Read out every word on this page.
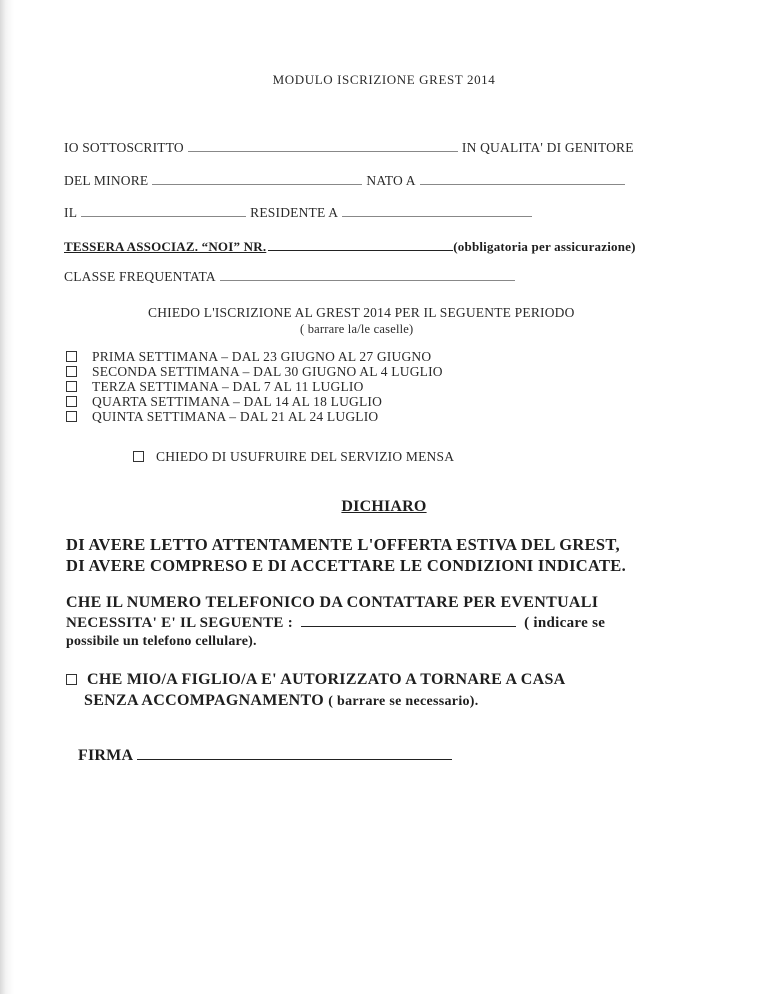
MODULO ISCRIZIONE GREST 2014
IO SOTTOSCRITTO	IN QUALITA' DI GENITORE
DEL MINORE	NATO A
IL	RESIDENTE A
TESSERA ASSOCIAZ. “NOI” NR.	(obbligatoria per assicurazione)
CLASSE FREQUENTATA
CHIEDO L'ISCRIZIONE AL GREST 2014 PER IL SEGUENTE PERIODO
( barrare la/le caselle)
PRIMA SETTIMANA – DAL 23 GIUGNO AL 27 GIUGNO
SECONDA SETTIMANA – DAL 30 GIUGNO AL 4 LUGLIO
TERZA SETTIMANA – DAL 7 AL 11 LUGLIO
QUARTA SETTIMANA – DAL 14 AL 18 LUGLIO
QUINTA SETTIMANA – DAL 21 AL 24 LUGLIO
CHIEDO DI USUFRUIRE DEL SERVIZIO MENSA
DICHIARO
DI AVERE LETTO ATTENTAMENTE L'OFFERTA ESTIVA DEL GREST,
DI AVERE COMPRESO E DI ACCETTARE LE CONDIZIONI INDICATE.
CHE IL NUMERO TELEFONICO DA CONTATTARE PER EVENTUALI
NECESSITA' E' IL SEGUENTE :	( indicare se
possibile un telefono cellulare).
CHE MIO/A FIGLIO/A E' AUTORIZZATO A TORNARE A CASA
SENZA ACCOMPAGNAMENTO ( barrare se necessario).
FIRMA
